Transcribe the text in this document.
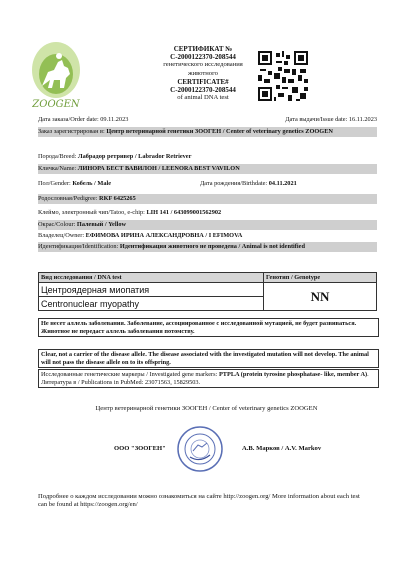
ZOOGEN
СЕРТИФИКАТ №
C-2000122370-208544
генетического исследования
животного
CERTIFICATE#
C-2000122370-208544
of animal DNA test
Дата заказа/Order date: 09.11.2023	Дата выдачи/Issue date: 16.11.2023
Заказ зарегистрирован в: Центр ветеринарной генетики ЗООГЕН / Center of veterinary genetics ZOOGEN
Порода/Breed: Лабрадор ретривер / Labrador Retriever
Кличка/Name: ЛИНОРА БЕСТ ВАВИЛОН / LEENORA BEST VAVILON
Пол/Gender: Кобель / Male	Дата рождения/Birthdate: 04.11.2021
Родословная/Pedigree: RKF 6425265
Клеймо, электронный чип/Tatoo, e-chip: LIH 141 / 643099001562902
Окрас/Colour: Палевый / Yellow
Владелец/Owner: ЕФИМОВА ИРИНА АЛЕКСАНДРОВНА / I EFIMOVA
Идентификация/Identification: Идентификация животного не проведена / Animal is not identified
Вид исследования / DNA test	Генотип / Genotype
Центроядерная миопатия	NN
Centronuclear myopathy	
Не несет аллель заболевания. Заболевание, ассоциированное с исследованной мутацией, не будет развиваться. Животное не передаст аллель заболевания потомству.
Clear, not a carrier of the disease allele. The disease associated with the investigated mutation will not develop. The animal will not pass the disease allele on to its offspring.
Исследованные генетические маркеры / Investigated gene markers: PTPLA (protein tyrosine phosphatase- like, member A). Литература в / Publications in PubMed: 23071563, 15829503.
Центр ветеринарной генетики ЗООГЕН / Center of veterinary genetics ZOOGEN
ООО "ЗООГЕН"	А.В. Марков / A.V. Markov
Подробнее о каждом исследовании можно ознакомиться на сайте http://zoogen.org/ More information about each test can be found at https://zoogen.org/en/
